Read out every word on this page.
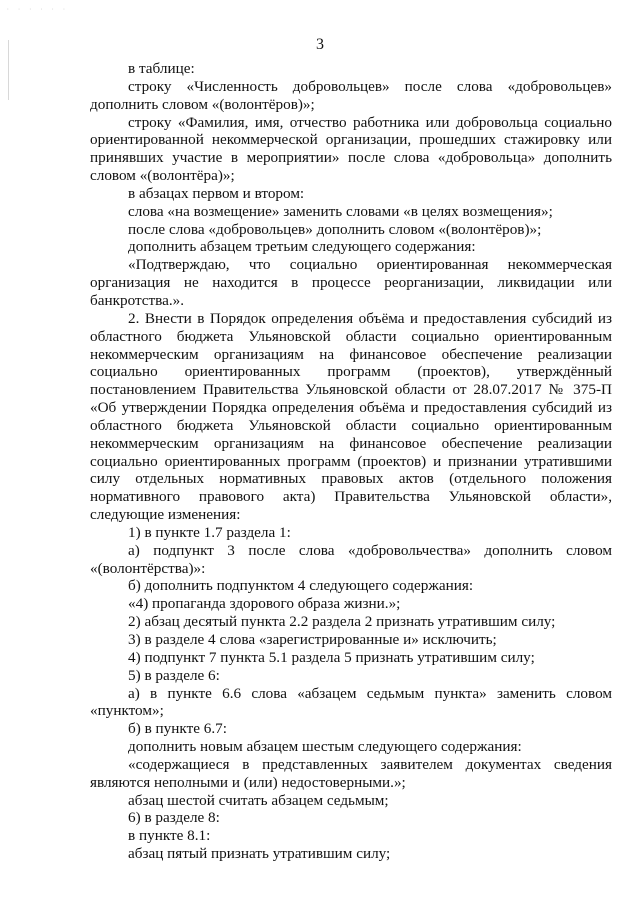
· · · · · ·
3

в таблице:

строку «Численность добровольцев» после слова «добровольцев» дополнить словом «(волонтёров)»;

строку «Фамилия, имя, отчество работника или добровольца социально ориентированной некоммерческой организации, прошедших стажировку или принявших участие в мероприятии» после слова «добровольца» дополнить словом «(волонтёра)»;

в абзацах первом и втором:

слова «на возмещение» заменить словами «в целях возмещения»;

после слова «добровольцев» дополнить словом «(волонтёров)»;

дополнить абзацем третьим следующего содержания:

«Подтверждаю, что социально ориентированная некоммерческая организация не находится в процессе реорганизации, ликвидации или банкротства.».

2. Внести в Порядок определения объёма и предоставления субсидий из областного бюджета Ульяновской области социально ориентированным некоммерческим организациям на финансовое обеспечение реализации социально ориентированных программ (проектов), утверждённый постановлением Правительства Ульяновской области от 28.07.2017 № 375-П «Об утверждении Порядка определения объёма и предоставления субсидий из областного бюджета Ульяновской области социально ориентированным некоммерческим организациям на финансовое обеспечение реализации социально ориентированных программ (проектов) и признании утратившими силу отдельных нормативных правовых актов (отдельного положения нормативного правового акта) Правительства Ульяновской области», следующие изменения:

1) в пункте 1.7 раздела 1:

а) подпункт 3 после слова «добровольчества» дополнить словом «(волонтёрства)»:

б) дополнить подпунктом 4 следующего содержания:

«4) пропаганда здорового образа жизни.»;

2) абзац десятый пункта 2.2 раздела 2 признать утратившим силу;

3) в разделе 4 слова «зарегистрированные и» исключить;

4) подпункт 7 пункта 5.1 раздела 5 признать утратившим силу;

5) в разделе 6:

а) в пункте 6.6 слова «абзацем седьмым пункта» заменить словом «пунктом»;

б) в пункте 6.7:

дополнить новым абзацем шестым следующего содержания:

«содержащиеся в представленных заявителем документах сведения являются неполными и (или) недостоверными.»;

абзац шестой считать абзацем седьмым;

6) в разделе 8:

в пункте 8.1:

абзац пятый признать утратившим силу;
